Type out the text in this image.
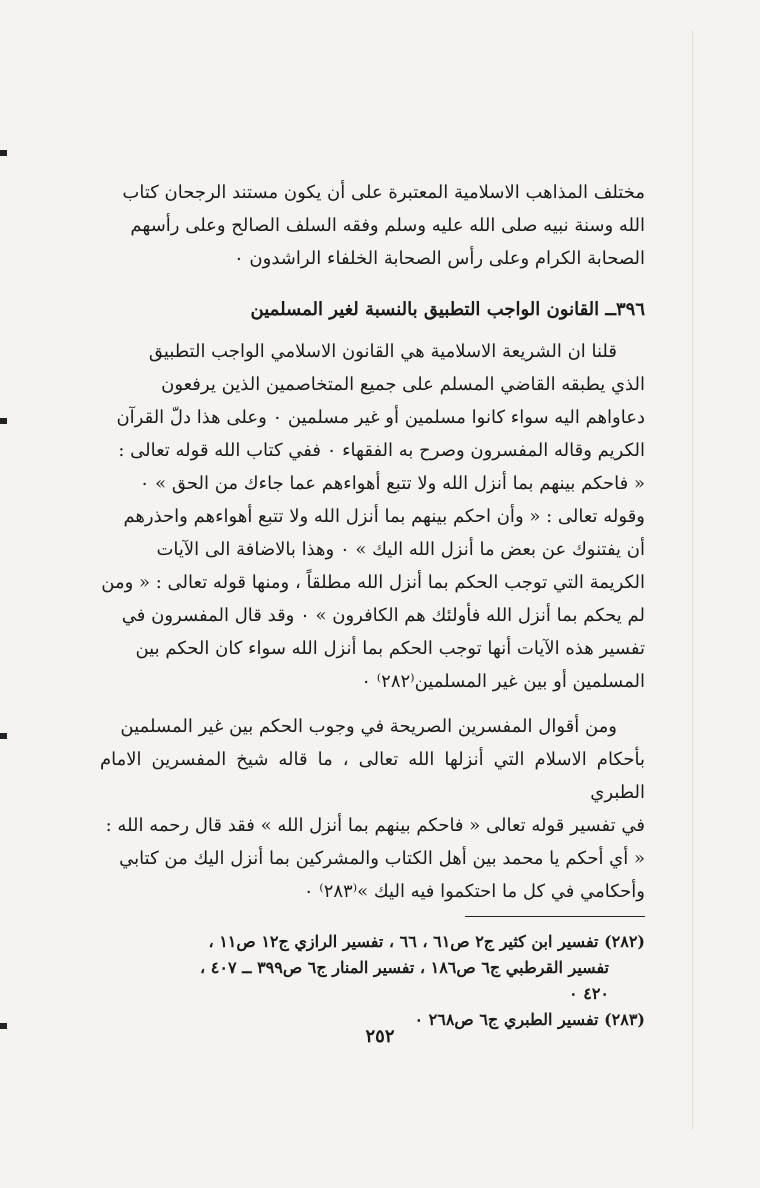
مختلف المذاهب الاسلامية المعتبرة على أن يكون مستند الرجحان كتاب

الله وسنة نبيه صلى الله عليه وسلم وفقه السلف الصالح وعلى رأسهم

الصحابة الكرام وعلى رأس الصحابة الخلفاء الراشدون ٠

٣٩٦ــ القانون الواجب التطبيق بالنسبة لغير المسلمين

قلنا ان الشريعة الاسلامية هي القانون الاسلامي الواجب التطبيق

الذي يطبقه القاضي المسلم على جميع المتخاصمين الذين يرفعون

دعاواهم اليه سواء كانوا مسلمين أو غير مسلمين ٠ وعلى هذا دلّ القرآن

الكريم وقاله المفسرون وصرح به الفقهاء ٠ ففي كتاب الله قوله تعالى :

« فاحكم بينهم بما أنزل الله ولا تتبع أهواءهم عما جاءك من الحق » ٠

وقوله تعالى : « وأن احكم بينهم بما أنزل الله ولا تتبع أهواءهم واحذرهم

أن يفتنوك عن بعض ما أنزل الله اليك » ٠ وهذا بالاضافة الى الآيات

الكريمة التي توجب الحكم بما أنزل الله مطلقاً ، ومنها قوله تعالى : « ومن

لم يحكم بما أنزل الله فأولئك هم الكافرون » ٠ وقد قال المفسرون في

تفسير هذه الآيات أنها توجب الحكم بما أنزل الله سواء كان الحكم بين

المسلمين أو بين غير المسلمين⁽٢٨٢⁾ ٠

ومن أقوال المفسرين الصريحة في وجوب الحكم بين غير المسلمين

بأحكام الاسلام التي أنزلها الله تعالى ، ما قاله شيخ المفسرين الامام الطبري

في تفسير قوله تعالى « فاحكم بينهم بما أنزل الله » فقد قال رحمه الله :

« أي أحكم يا محمد بين أهل الكتاب والمشركين بما أنزل اليك من كتابي

وأحكامي في كل ما احتكموا فيه اليك »⁽٢٨٣⁾ ٠

(٢٨٢) تفسير ابن كثير ج٢ ص٦١ ، ٦٦ ، تفسير الرازي ج١٢ ص١١ ،

تفسير القرطبي ج٦ ص١٨٦ ، تفسير المنار ج٦ ص٣٩٩ ــ ٤٠٧ ،

٤٢٠ ٠

(٢٨٣) تفسير الطبري ج٦ ص٢٦٨ ٠

٢٥٢
